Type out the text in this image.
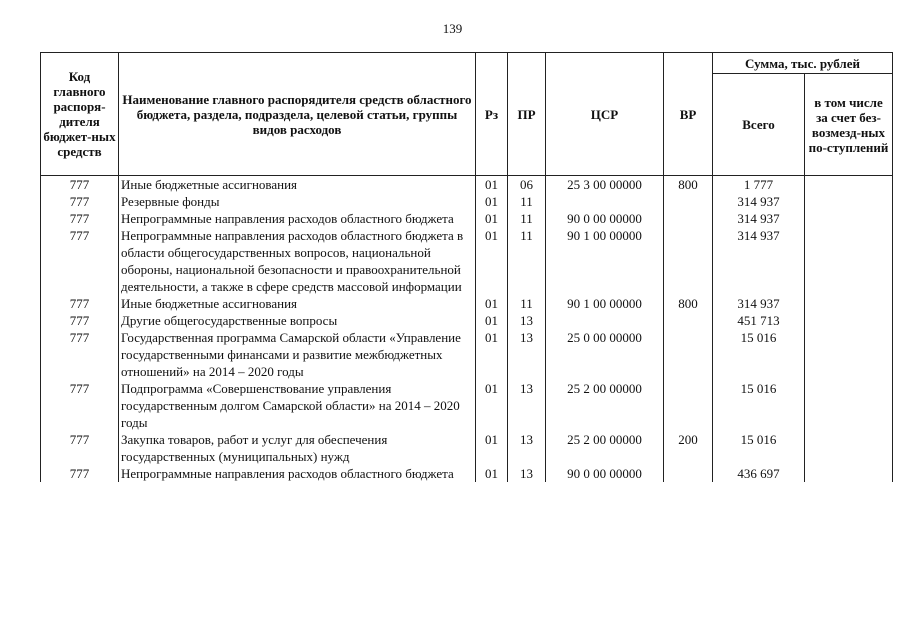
139
Код главного распоря-дителя бюджет-ных средств	Наименование главного распорядителя средств областного бюджета, раздела, подраздела, целевой статьи, группы видов расходов	Рз	ПР	ЦСР	ВР	Сумма, тыс. рублей	
						Всего	в том числе за счет без-возмезд-ных по-ступлений
777	Иные бюджетные ассигнования	01	06	25 3 00 00000	800	1 777	
777	Резервные фонды	01	11			314 937	
777	Непрограммные направления расходов областного бюджета	01	11	90 0 00 00000		314 937	
777	Непрограммные направления расходов областного бюджета в области общегосударственных вопросов, национальной обороны, национальной безопасности и правоохранительной деятельности, а также в сфере средств массовой информации	01	11	90 1 00 00000		314 937	
777	Иные бюджетные ассигнования	01	11	90 1 00 00000	800	314 937	
777	Другие общегосударственные вопросы	01	13			451 713	
777	Государственная программа Самарской области «Управление государственными финансами и развитие межбюджетных отношений» на 2014 – 2020 годы	01	13	25 0 00 00000		15 016	
777	Подпрограмма «Совершенствование управления государственным долгом Самарской области» на 2014 – 2020 годы	01	13	25 2 00 00000		15 016	
777	Закупка товаров, работ и услуг для обеспечения государственных (муниципальных) нужд	01	13	25 2 00 00000	200	15 016	
777	Непрограммные направления расходов областного бюджета	01	13	90 0 00 00000		436 697	
